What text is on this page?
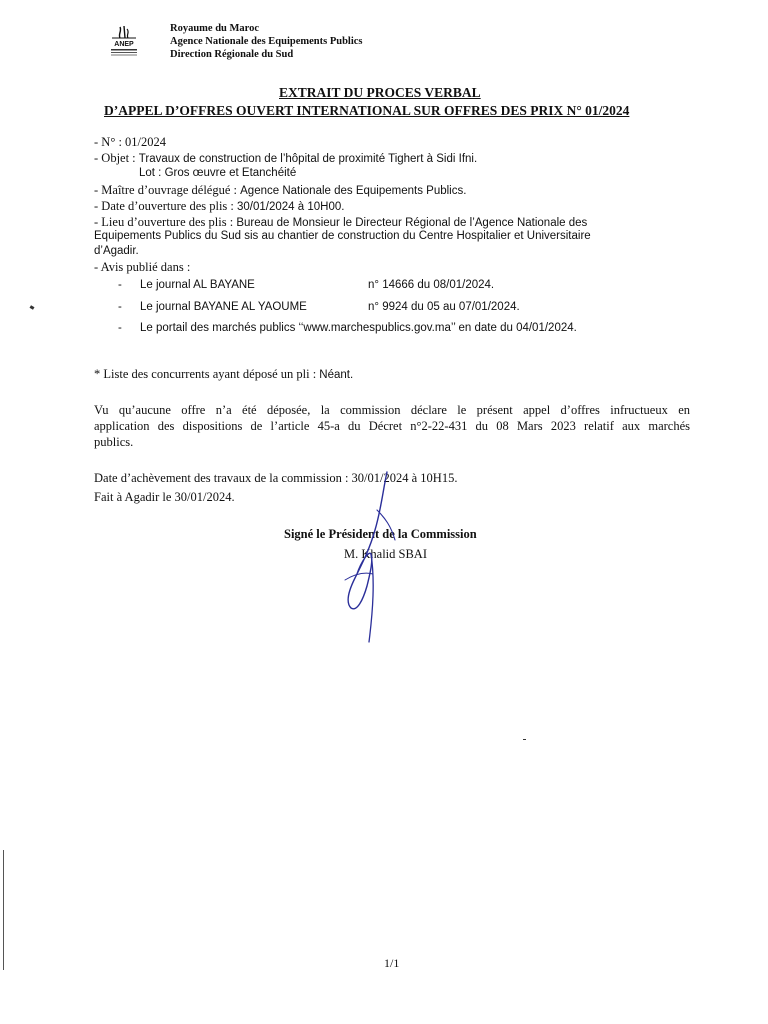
ANEP
Royaume du Maroc
Agence Nationale des Equipements Publics
Direction Régionale du Sud
EXTRAIT DU PROCES VERBAL
D’APPEL D’OFFRES OUVERT INTERNATIONAL SUR OFFRES DES PRIX N° 01/2024
- N° : 01/2024
- Objet : Travaux de construction de l’hôpital de proximité Tighert à Sidi Ifni.
Lot : Gros œuvre et Etanchéité
- Maître d’ouvrage délégué : Agence Nationale des Equipements Publics.
- Date d’ouverture des plis : 30/01/2024 à 10H00.
- Lieu d’ouverture des plis : Bureau de Monsieur le Directeur Régional de l’Agence Nationale des
Equipements Publics du Sud sis au chantier de construction du Centre Hospitalier et Universitaire
d’Agadir.
- Avis publié dans :
- Le journal AL BAYANE	n° 14666 du 08/01/2024.
- Le journal BAYANE AL YAOUME	n° 9924 du 05 au 07/01/2024.
- Le portail des marchés publics ‘‘www.marchespublics.gov.ma’’ en date du 04/01/2024.
* Liste des concurrents ayant déposé un pli : Néant.
Vu qu’aucune offre n’a été déposée, la commission déclare le présent appel d’offres infructueux en
application des dispositions de l’article 45-a du Décret n°2-22-431 du 08 Mars 2023 relatif aux marchés
publics.
Date d’achèvement des travaux de la commission : 30/01/2024 à 10H15.
Fait à Agadir le 30/01/2024.
Signé le Président de la Commission
M. Khalid SBAI
1/1
